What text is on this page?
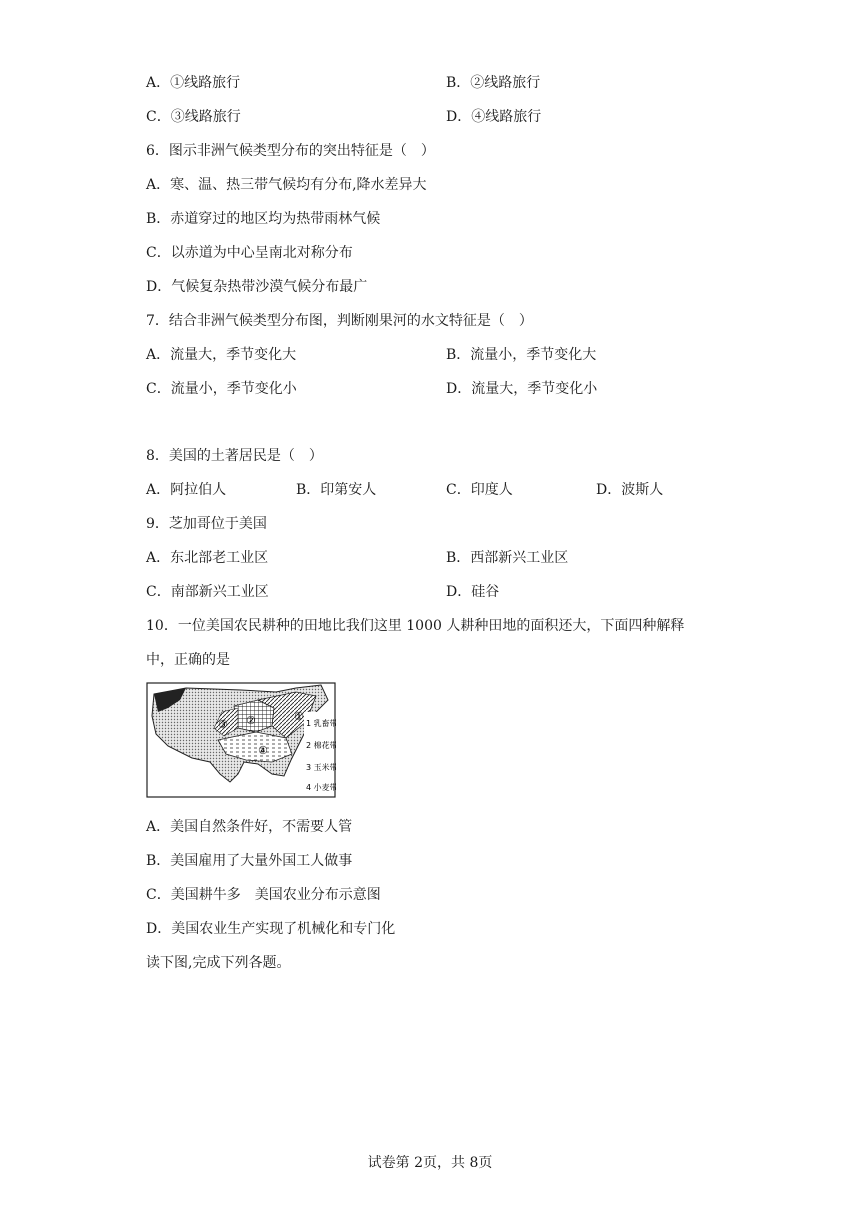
A．①线路旅行	B．②线路旅行
C．③线路旅行	D．④线路旅行
6．图示非洲气候类型分布的突出特征是（　）
A．寒、温、热三带气候均有分布,降水差异大
B．赤道穿过的地区均为热带雨林气候
C．以赤道为中心呈南北对称分布
D．气候复杂热带沙漠气候分布最广
7．结合非洲气候类型分布图，判断刚果河的水文特征是（　）
A．流量大，季节变化大	B．流量小，季节变化大
C．流量小，季节变化小	D．流量大，季节变化小
8．美国的土著居民是（　）
A．阿拉伯人	B．印第安人	C．印度人	D．波斯人
9．芝加哥位于美国
A．东北部老工业区	B．西部新兴工业区
C．南部新兴工业区	D．硅谷
10．一位美国农民耕种的田地比我们这里 1000 人耕种田地的面积还大，下面四种解释
中，正确的是
①
②
③
④
1 乳畜带
2 棉花带
3 玉米带
4 小麦带
A．美国自然条件好，不需要人管
B．美国雇用了大量外国工人做事
C．美国耕牛多　美国农业分布示意图
D．美国农业生产实现了机械化和专门化
读下图,完成下列各题。
试卷第 2页，共 8页
